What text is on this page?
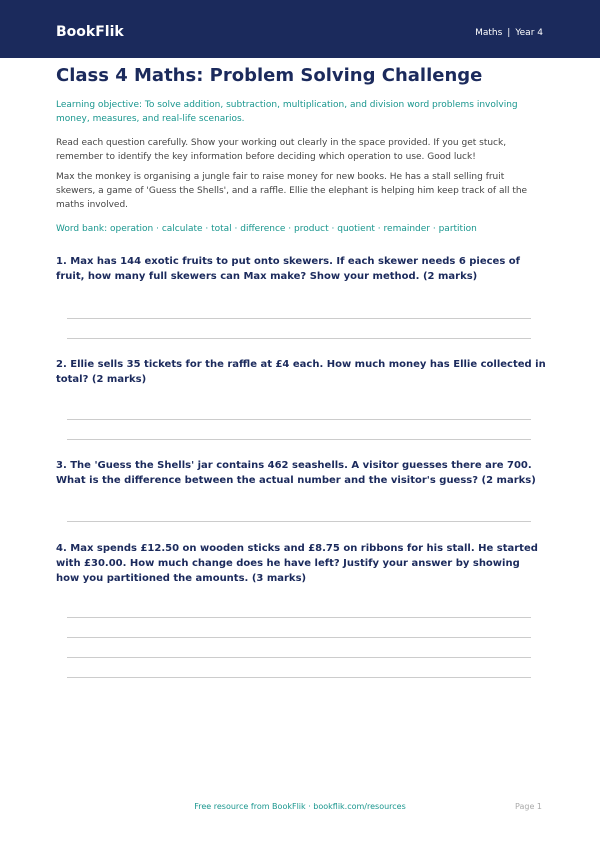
BookFlik	Maths | Year 4
Class 4 Maths: Problem Solving Challenge
Learning objective: To solve addition, subtraction, multiplication, and division word problems involving money, measures, and real-life scenarios.
Read each question carefully. Show your working out clearly in the space provided. If you get stuck, remember to identify the key information before deciding which operation to use. Good luck!
Max the monkey is organising a jungle fair to raise money for new books. He has a stall selling fruit skewers, a game of 'Guess the Shells', and a raffle. Ellie the elephant is helping him keep track of all the maths involved.
Word bank: operation · calculate · total · difference · product · quotient · remainder · partition
1. Max has 144 exotic fruits to put onto skewers. If each skewer needs 6 pieces of fruit, how many full skewers can Max make? Show your method. (2 marks)
2. Ellie sells 35 tickets for the raffle at £4 each. How much money has Ellie collected in total? (2 marks)
3. The 'Guess the Shells' jar contains 462 seashells. A visitor guesses there are 700. What is the difference between the actual number and the visitor's guess? (2 marks)
4. Max spends £12.50 on wooden sticks and £8.75 on ribbons for his stall. He started with £30.00. How much change does he have left? Justify your answer by showing how you partitioned the amounts. (3 marks)
Free resource from BookFlik · bookflik.com/resources	Page 1
